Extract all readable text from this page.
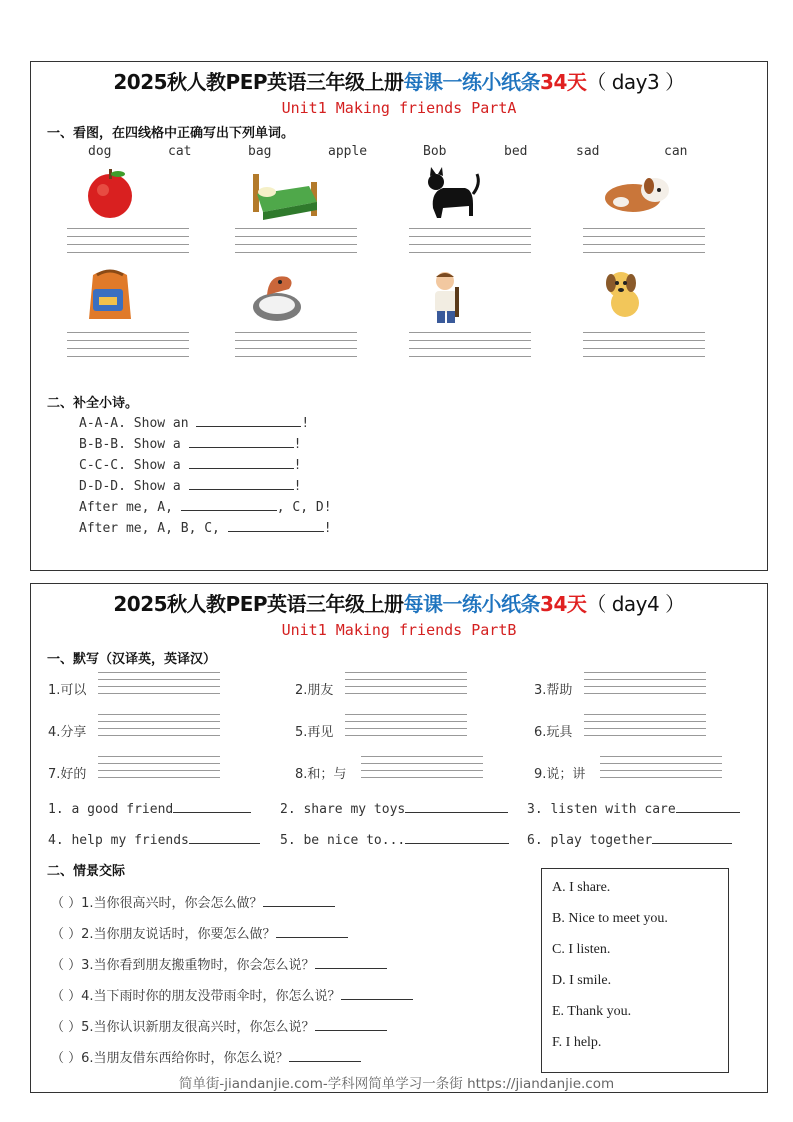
2025秋人教PEP英语三年级上册每课一练小纸条34天（ day3 ）
Unit1 Making friends PartA
一、看图，在四线格中正确写出下列单词。
dog	cat	bag	apple	Bob	bed	sad	can
二、补全小诗。
A-A-A. Show an	!
B-B-B. Show a	!
C-C-C. Show a	!
D-D-D. Show a	!
After me, A,	, C, D!
After me, A, B, C,	!
2025秋人教PEP英语三年级上册每课一练小纸条34天（ day4 ）
Unit1 Making friends PartB
一、默写（汉译英，英译汉）
1.可以	2.朋友	3.帮助
4.分享	5.再见	6.玩具
7.好的	8.和；与	9.说；讲
1. a good friend	2. share my toys	3. listen with care
4. help my friends	5. be nice to...	6. play together
二、情景交际
（ ）1.当你很高兴时，你会怎么做？
（ ）2.当你朋友说话时，你要怎么做？
（ ）3.当你看到朋友搬重物时，你会怎么说？
（ ）4.当下雨时你的朋友没带雨伞时，你怎么说？
（ ）5.当你认识新朋友很高兴时，你怎么说？
（ ）6.当朋友借东西给你时，你怎么说？
A. I share.
B. Nice to meet you.
C. I listen.
D. I smile.
E. Thank you.
F. I help.
简单街-jiandanjie.com-学科网简单学习一条街 https://jiandanjie.com
